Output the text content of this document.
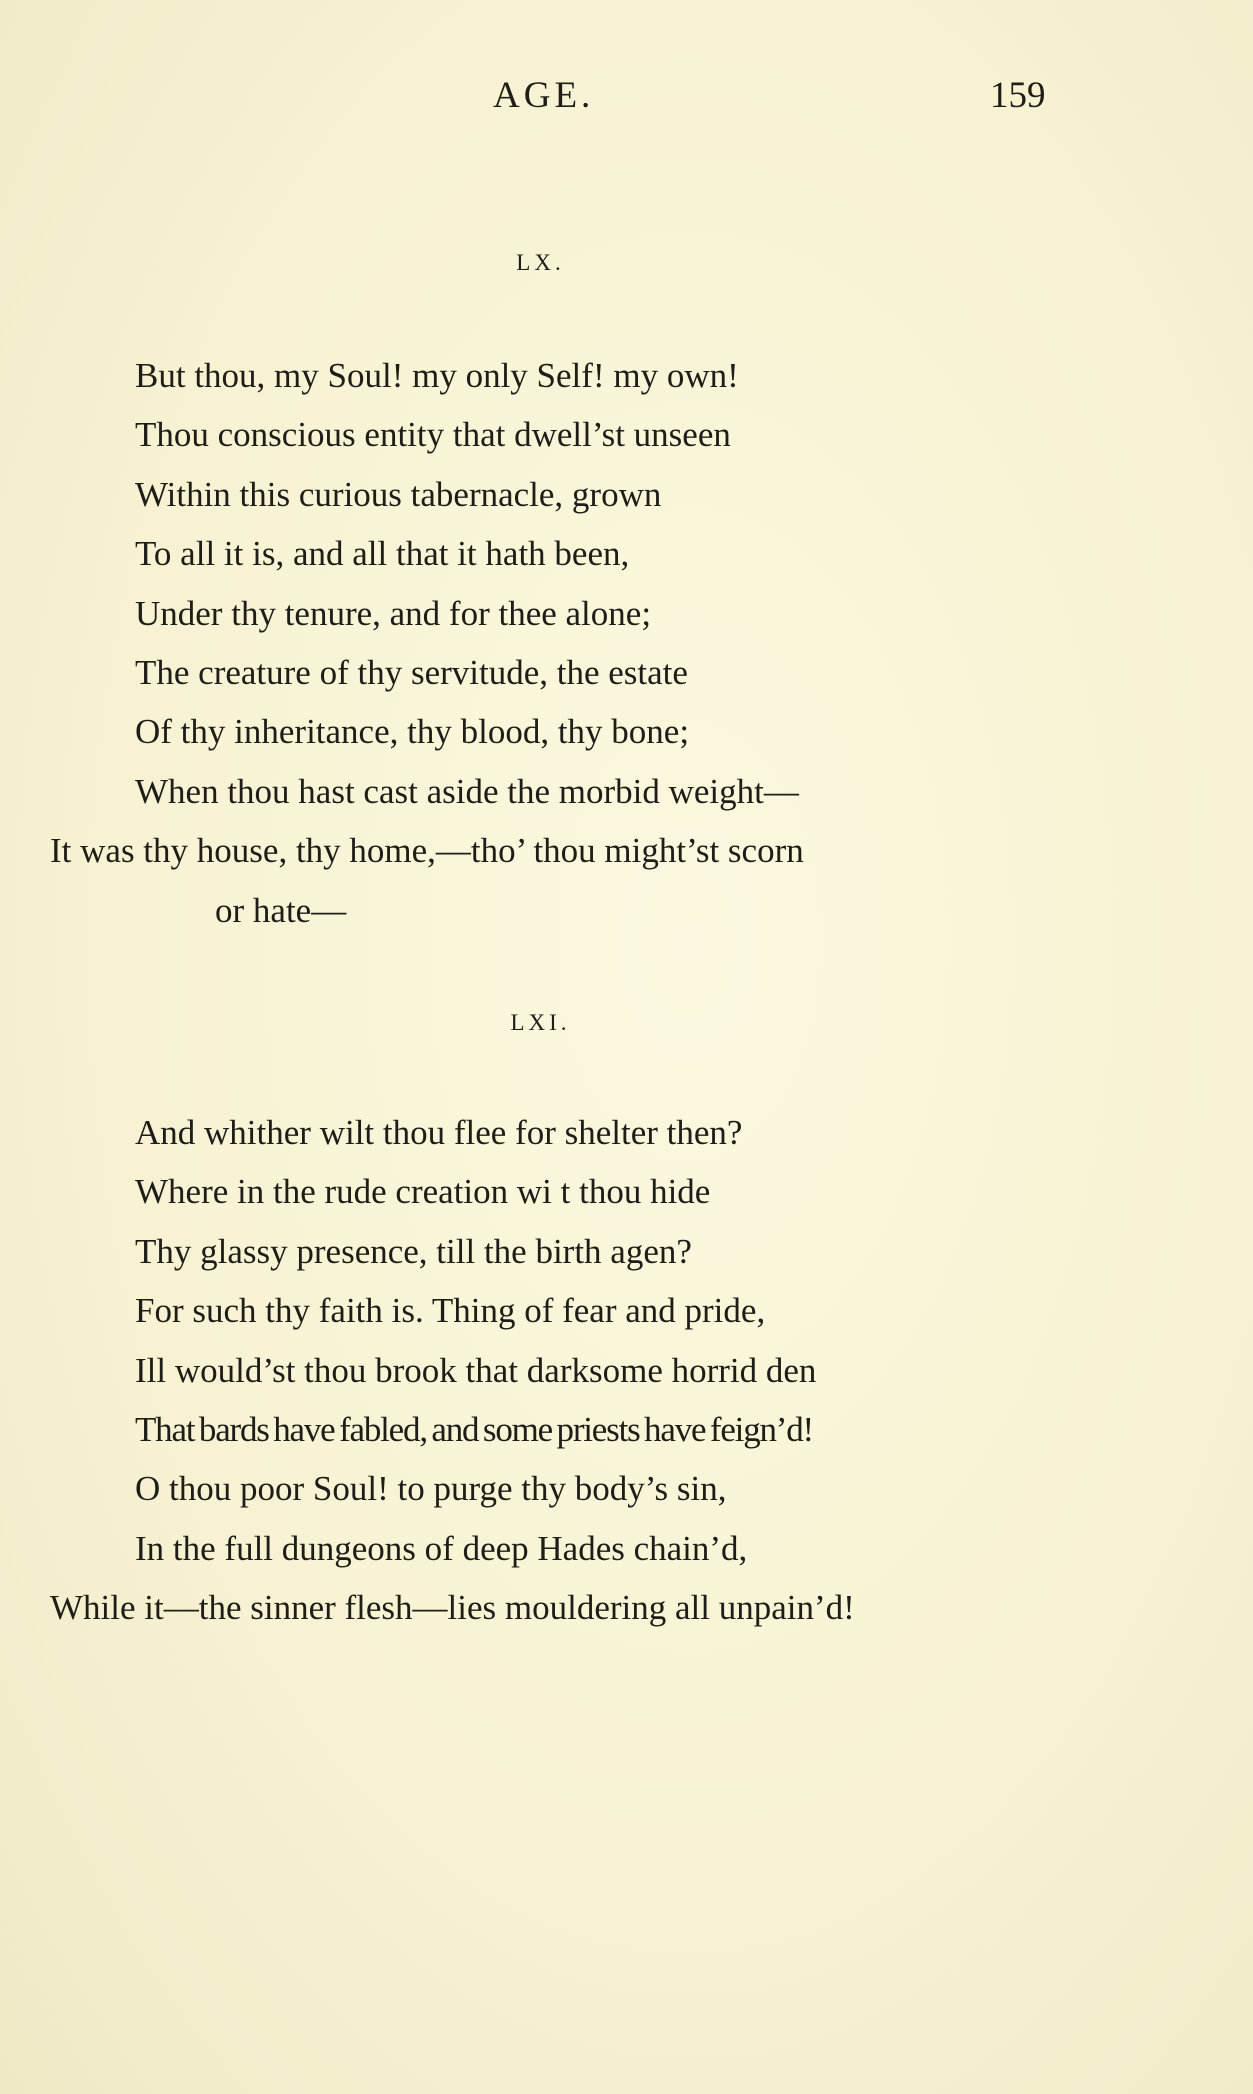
AGE.	159
LX.
But thou, my Soul! my only Self! my own!
Thou conscious entity that dwell’st unseen
Within this curious tabernacle, grown
To all it is, and all that it hath been,
Under thy tenure, and for thee alone;
The creature of thy servitude, the estate
Of thy inheritance, thy blood, thy bone;
When thou hast cast aside the morbid weight—
It was thy house, thy home,—tho’ thou might’st scorn
or hate—
LXI.
And whither wilt thou flee for shelter then?
Where in the rude creation wi t thou hide
Thy glassy presence, till the birth agen?
For such thy faith is. Thing of fear and pride,
Ill would’st thou brook that darksome horrid den
That bards have fabled, and some priests have feign’d!
O thou poor Soul! to purge thy body’s sin,
In the full dungeons of deep Hades chain’d,
While it—the sinner flesh—lies mouldering all unpain’d!
